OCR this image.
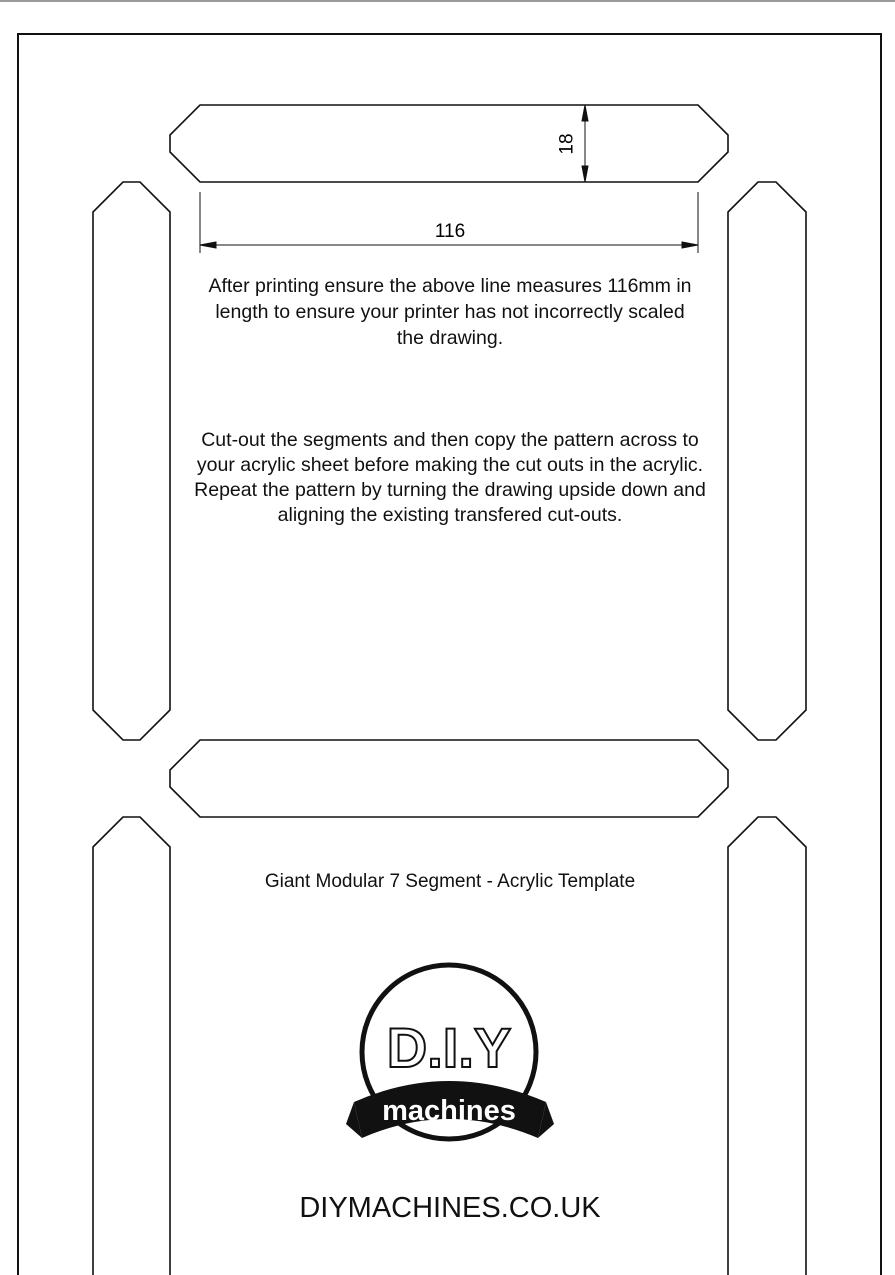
D.I.Y
machines
116
18
After printing ensure the above line measures 116mm in length to ensure your printer has not incorrectly scaled the drawing.
Cut-out the segments and then copy the pattern across to your acrylic sheet before making the cut outs in the acrylic. Repeat the pattern by turning the drawing upside down and aligning the existing transfered cut-outs.
Giant Modular 7 Segment - Acrylic Template
DIYMACHINES.CO.UK
